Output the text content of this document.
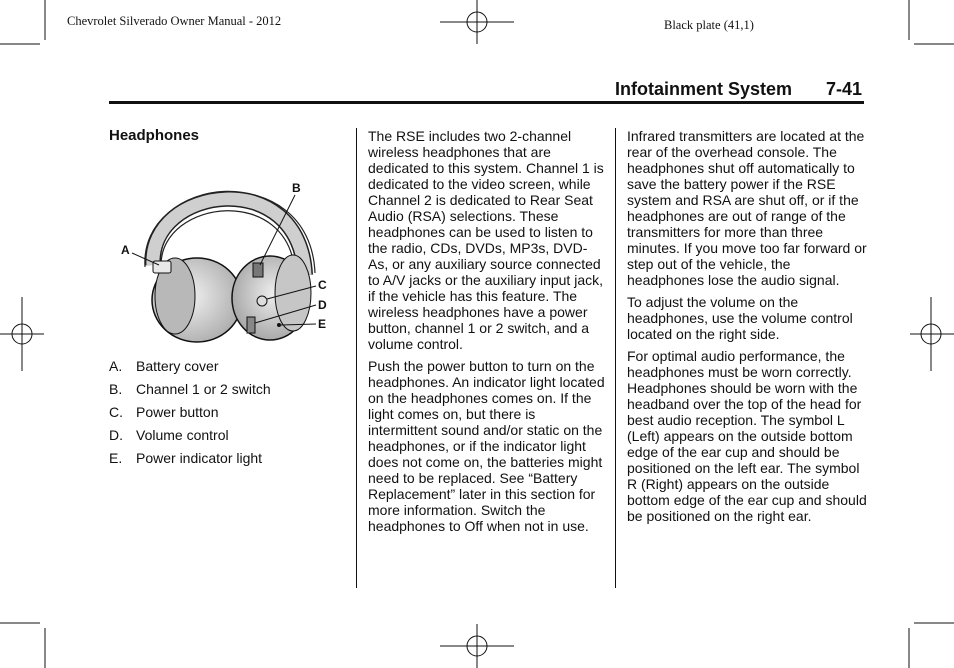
Chevrolet Silverado Owner Manual - 2012	Black plate (41,1)
Infotainment System 7-41
Headphones
A
B
C
D
E
A. Battery cover
B. Channel 1 or 2 switch
C. Power button
D. Volume control
E. Power indicator light

The RSE includes two 2-channel wireless headphones that are dedicated to this system. Channel 1 is dedicated to the video screen, while Channel 2 is dedicated to Rear Seat Audio (RSA) selections. These headphones can be used to listen to the radio, CDs, DVDs, MP3s, DVD-As, or any auxiliary source connected to A/V jacks or the auxiliary input jack, if the vehicle has this feature. The wireless headphones have a power button, channel 1 or 2 switch, and a volume control.

Push the power button to turn on the headphones. An indicator light located on the headphones comes on. If the light comes on, but there is intermittent sound and/or static on the headphones, or if the indicator light does not come on, the batteries might need to be replaced. See “Battery Replacement” later in this section for more information. Switch the headphones to Off when not in use.

Infrared transmitters are located at the rear of the overhead console. The headphones shut off automatically to save the battery power if the RSE system and RSA are shut off, or if the headphones are out of range of the transmitters for more than three minutes. If you move too far forward or step out of the vehicle, the headphones lose the audio signal.

To adjust the volume on the headphones, use the volume control located on the right side.

For optimal audio performance, the headphones must be worn correctly. Headphones should be worn with the headband over the top of the head for best audio reception. The symbol L (Left) appears on the outside bottom edge of the ear cup and should be positioned on the left ear. The symbol R (Right) appears on the outside bottom edge of the ear cup and should be positioned on the right ear.
